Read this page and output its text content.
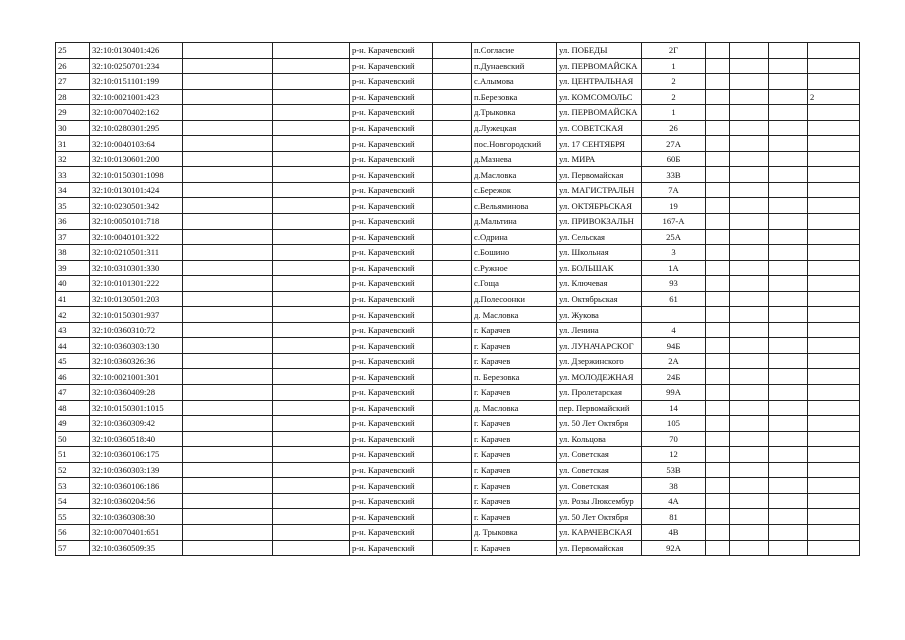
25	32:10:0130401:426			р-н. Карачевский		п.Согласие	ул. ПОБЕДЫ	2Г				
26	32:10:0250701:234			р-н. Карачевский		п.Дунаевский	ул. ПЕРВОМАЙСКА	1				
27	32:10:0151101:199			р-н. Карачевский		с.Алымова	ул. ЦЕНТРАЛЬНАЯ	2				
28	32:10:0021001:423			р-н. Карачевский		п.Березовка	ул. КОМСОМОЛЬС	2				2
29	32:10:0070402:162			р-н. Карачевский		д.Трыковка	ул. ПЕРВОМАЙСКА	1				
30	32:10:0280301:295			р-н. Карачевский		д.Лужецкая	ул. СОВЕТСКАЯ	26				
31	32:10:0040103:64			р-н. Карачевский		пос.Новгородский	ул. 17 СЕНТЯБРЯ	27А				
32	32:10:0130601:200			р-н. Карачевский		д.Мазнева	ул. МИРА	60Б				
33	32:10:0150301:1098			р-н. Карачевский		д.Масловка	ул. Первомайская	33В				
34	32:10:0130101:424			р-н. Карачевский		с.Бережок	ул. МАГИСТРАЛЬН	7А				
35	32:10:0230501:342			р-н. Карачевский		с.Вельяминова	ул. ОКТЯБРЬСКАЯ	19				
36	32:10:0050101:718			р-н. Карачевский		д.Мальтина	ул. ПРИВОКЗАЛЬН	167-А				
37	32:10:0040101:322			р-н. Карачевский		с.Одрина	ул. Сельская	25А				
38	32:10:0210501:311			р-н. Карачевский		с.Бошино	ул. Школьная	3				
39	32:10:0310301:330			р-н. Карачевский		с.Ружное	ул. БОЛЬШАК	1А				
40	32:10:0101301:222			р-н. Карачевский		с.Гоща	ул. Ключевая	93				
41	32:10:0130501:203			р-н. Карачевский		д.Полесоонки	ул. Октябрьская	61				
42	32:10:0150301:937			р-н. Карачевский		д. Масловка	ул. Жукова					
43	32:10:0360310:72			р-н. Карачевский		г. Карачев	ул. Ленина	4				
44	32:10:0360303:130			р-н. Карачевский		г. Карачев	ул. ЛУНАЧАРСКОГ	94Б				
45	32:10:0360326:36			р-н. Карачевский		г. Карачев	ул. Дзержинского	2А				
46	32:10:0021001:301			р-н. Карачевский		п. Березовка	ул. МОЛОДЕЖНАЯ	24Б				
47	32:10:0360409:28			р-н. Карачевский		г. Карачев	ул. Пролетарская	99А				
48	32:10:0150301:1015			р-н. Карачевский		д. Масловка	пер. Первомайский	14				
49	32:10:0360309:42			р-н. Карачевский		г. Карачев	ул. 50 Лет Октября	105				
50	32:10:0360518:40			р-н. Карачевский		г. Карачев	ул. Кольцова	70				
51	32:10:0360106:175			р-н. Карачевский		г. Карачев	ул. Советская	12				
52	32:10:0360303:139			р-н. Карачевский		г. Карачев	ул. Советская	53В				
53	32:10:0360106:186			р-н. Карачевский		г. Карачев	ул. Советская	38				
54	32:10:0360204:56			р-н. Карачевский		г. Карачев	ул. Розы Люксембур	4А				
55	32:10:0360308:30			р-н. Карачевский		г. Карачев	ул. 50 Лет Октября	81				
56	32:10:0070401:651			р-н. Карачевский		д. Трыковка	ул. КАРАЧЕВСКАЯ	4В				
57	32:10:0360509:35			р-н. Карачевский		г. Карачев	ул. Первомайская	92А				
